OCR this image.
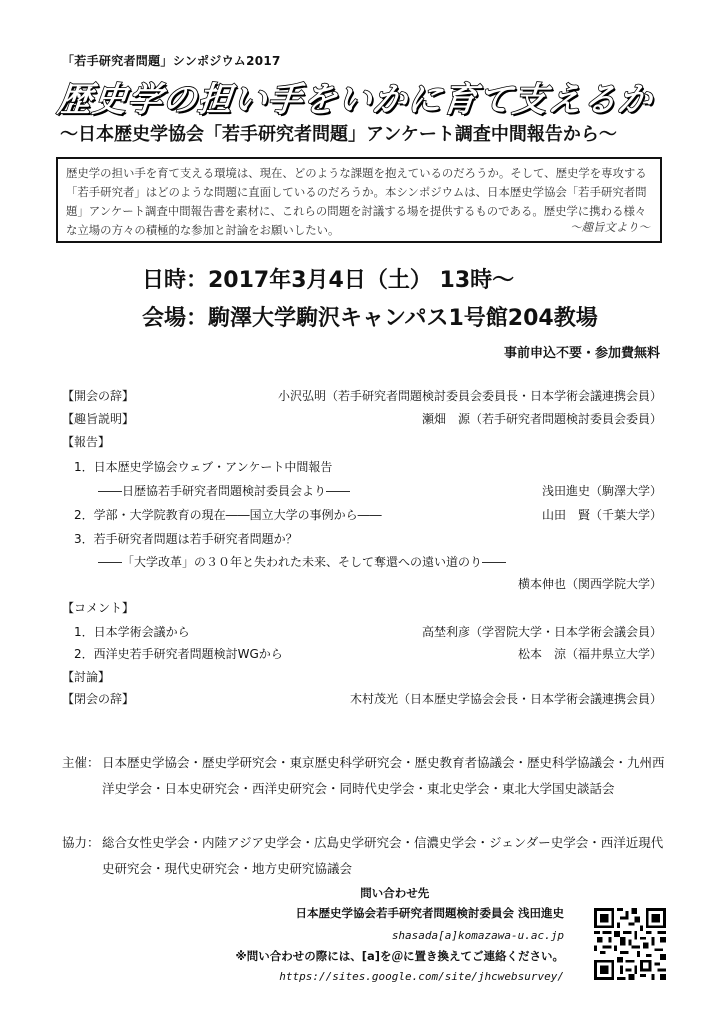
「若手研究者問題」シンポジウム2017
歴史学の担い手をいかに育て支えるか
～日本歴史学協会「若手研究者問題」アンケート調査中間報告から～
歴史学の担い手を育て支える環境は、現在、どのような課題を抱えているのだろうか。そして、歴史学を専攻する「若手研究者」はどのような問題に直面しているのだろうか。本シンポジウムは、日本歴史学協会「若手研究者問題」アンケート調査中間報告書を素材に、これらの問題を討議する場を提供するものである。歴史学に携わる様々な立場の方々の積極的な参加と討論をお願いしたい。	～趣旨文より～
日時：2017年3月4日（土） 13時～
会場：駒澤大学駒沢キャンパス1号館204教場
事前申込不要・参加費無料
【開会の辞】	小沢弘明（若手研究者問題検討委員会委員長・日本学術会議連携会員）
【趣旨説明】	瀬畑　源（若手研究者問題検討委員会委員）
【報告】
　1．日本歴史学協会ウェブ・アンケート中間報告
　　　――日歴協若手研究者問題検討委員会より――	浅田進史（駒澤大学）
　2．学部・大学院教育の現在――国立大学の事例から――	山田　賢（千葉大学）
　3．若手研究者問題は若手研究者問題か？
　　　――「大学改革」の３０年と失われた未来、そして奪還への遠い道のり――
横本伸也（関西学院大学）
【コメント】
　1．日本学術会議から	高埜利彦（学習院大学・日本学術会議会員）
　2．西洋史若手研究者問題検討WGから	松本　涼（福井県立大学）
【討論】
【閉会の辞】	木村茂光（日本歴史学協会会長・日本学術会議連携会員）
主催： 日本歴史学協会・歴史学研究会・東京歴史科学研究会・歴史教育者協議会・歴史科学協議会・九州西洋史学会・日本史研究会・西洋史研究会・同時代史学会・東北史学会・東北大学国史談話会
協力： 総合女性史学会・内陸アジア史学会・広島史学研究会・信濃史学会・ジェンダー史学会・西洋近現代史研究会・現代史研究会・地方史研究協議会
問い合わせ先
日本歴史学協会若手研究者問題検討委員会 浅田進史
shasada[a]komazawa-u.ac.jp
※問い合わせの際には、[a]を＠に置き換えてご連絡ください。
https://sites.google.com/site/jhcwebsurvey/
